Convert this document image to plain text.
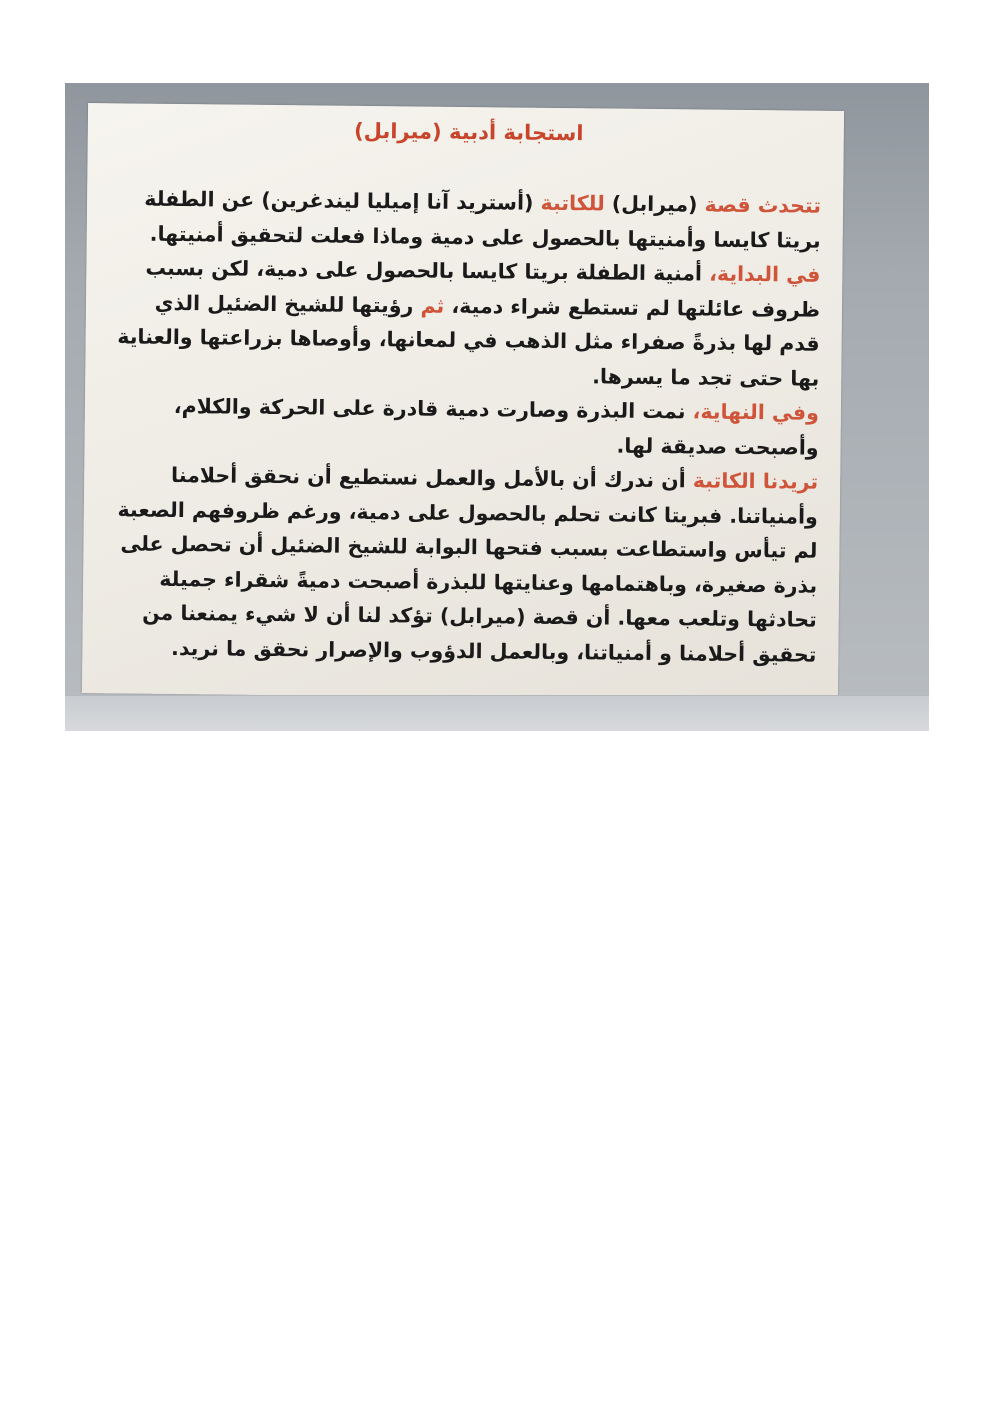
استجابة أدبية (ميرابل)

تتحدث قصة (ميرابل) للكاتبة (أستريد آنا إميليا ليندغرين) عن الطفلة بريتا كايسا وأمنيتها بالحصول على دمية وماذا فعلت لتحقيق أمنيتها.

في البداية، أمنية الطفلة بريتا كايسا بالحصول على دمية، لكن بسبب ظروف عائلتها لم تستطع شراء دمية، ثم رؤيتها للشيخ الضئيل الذي قدم لها بذرةً صفراء مثل الذهب في لمعانها، وأوصاها بزراعتها والعناية بها حتى تجد ما يسرها.

وفي النهاية، نمت البذرة وصارت دمية قادرة على الحركة والكلام، وأصبحت صديقة لها.

تريدنا الكاتبة أن ندرك أن بالأمل والعمل نستطيع أن نحقق أحلامنا وأمنياتنا. فبريتا كانت تحلم بالحصول على دمية، ورغم ظروفهم الصعبة لم تيأس واستطاعت بسبب فتحها البوابة للشيخ الضئيل أن تحصل على بذرة صغيرة، وباهتمامها وعنايتها للبذرة أصبحت دميةً شقراء جميلة تحادثها وتلعب معها. أن قصة (ميرابل) تؤكد لنا أن لا شيء يمنعنا من تحقيق أحلامنا و أمنياتنا، وبالعمل الدؤوب والإصرار نحقق ما نريد.
